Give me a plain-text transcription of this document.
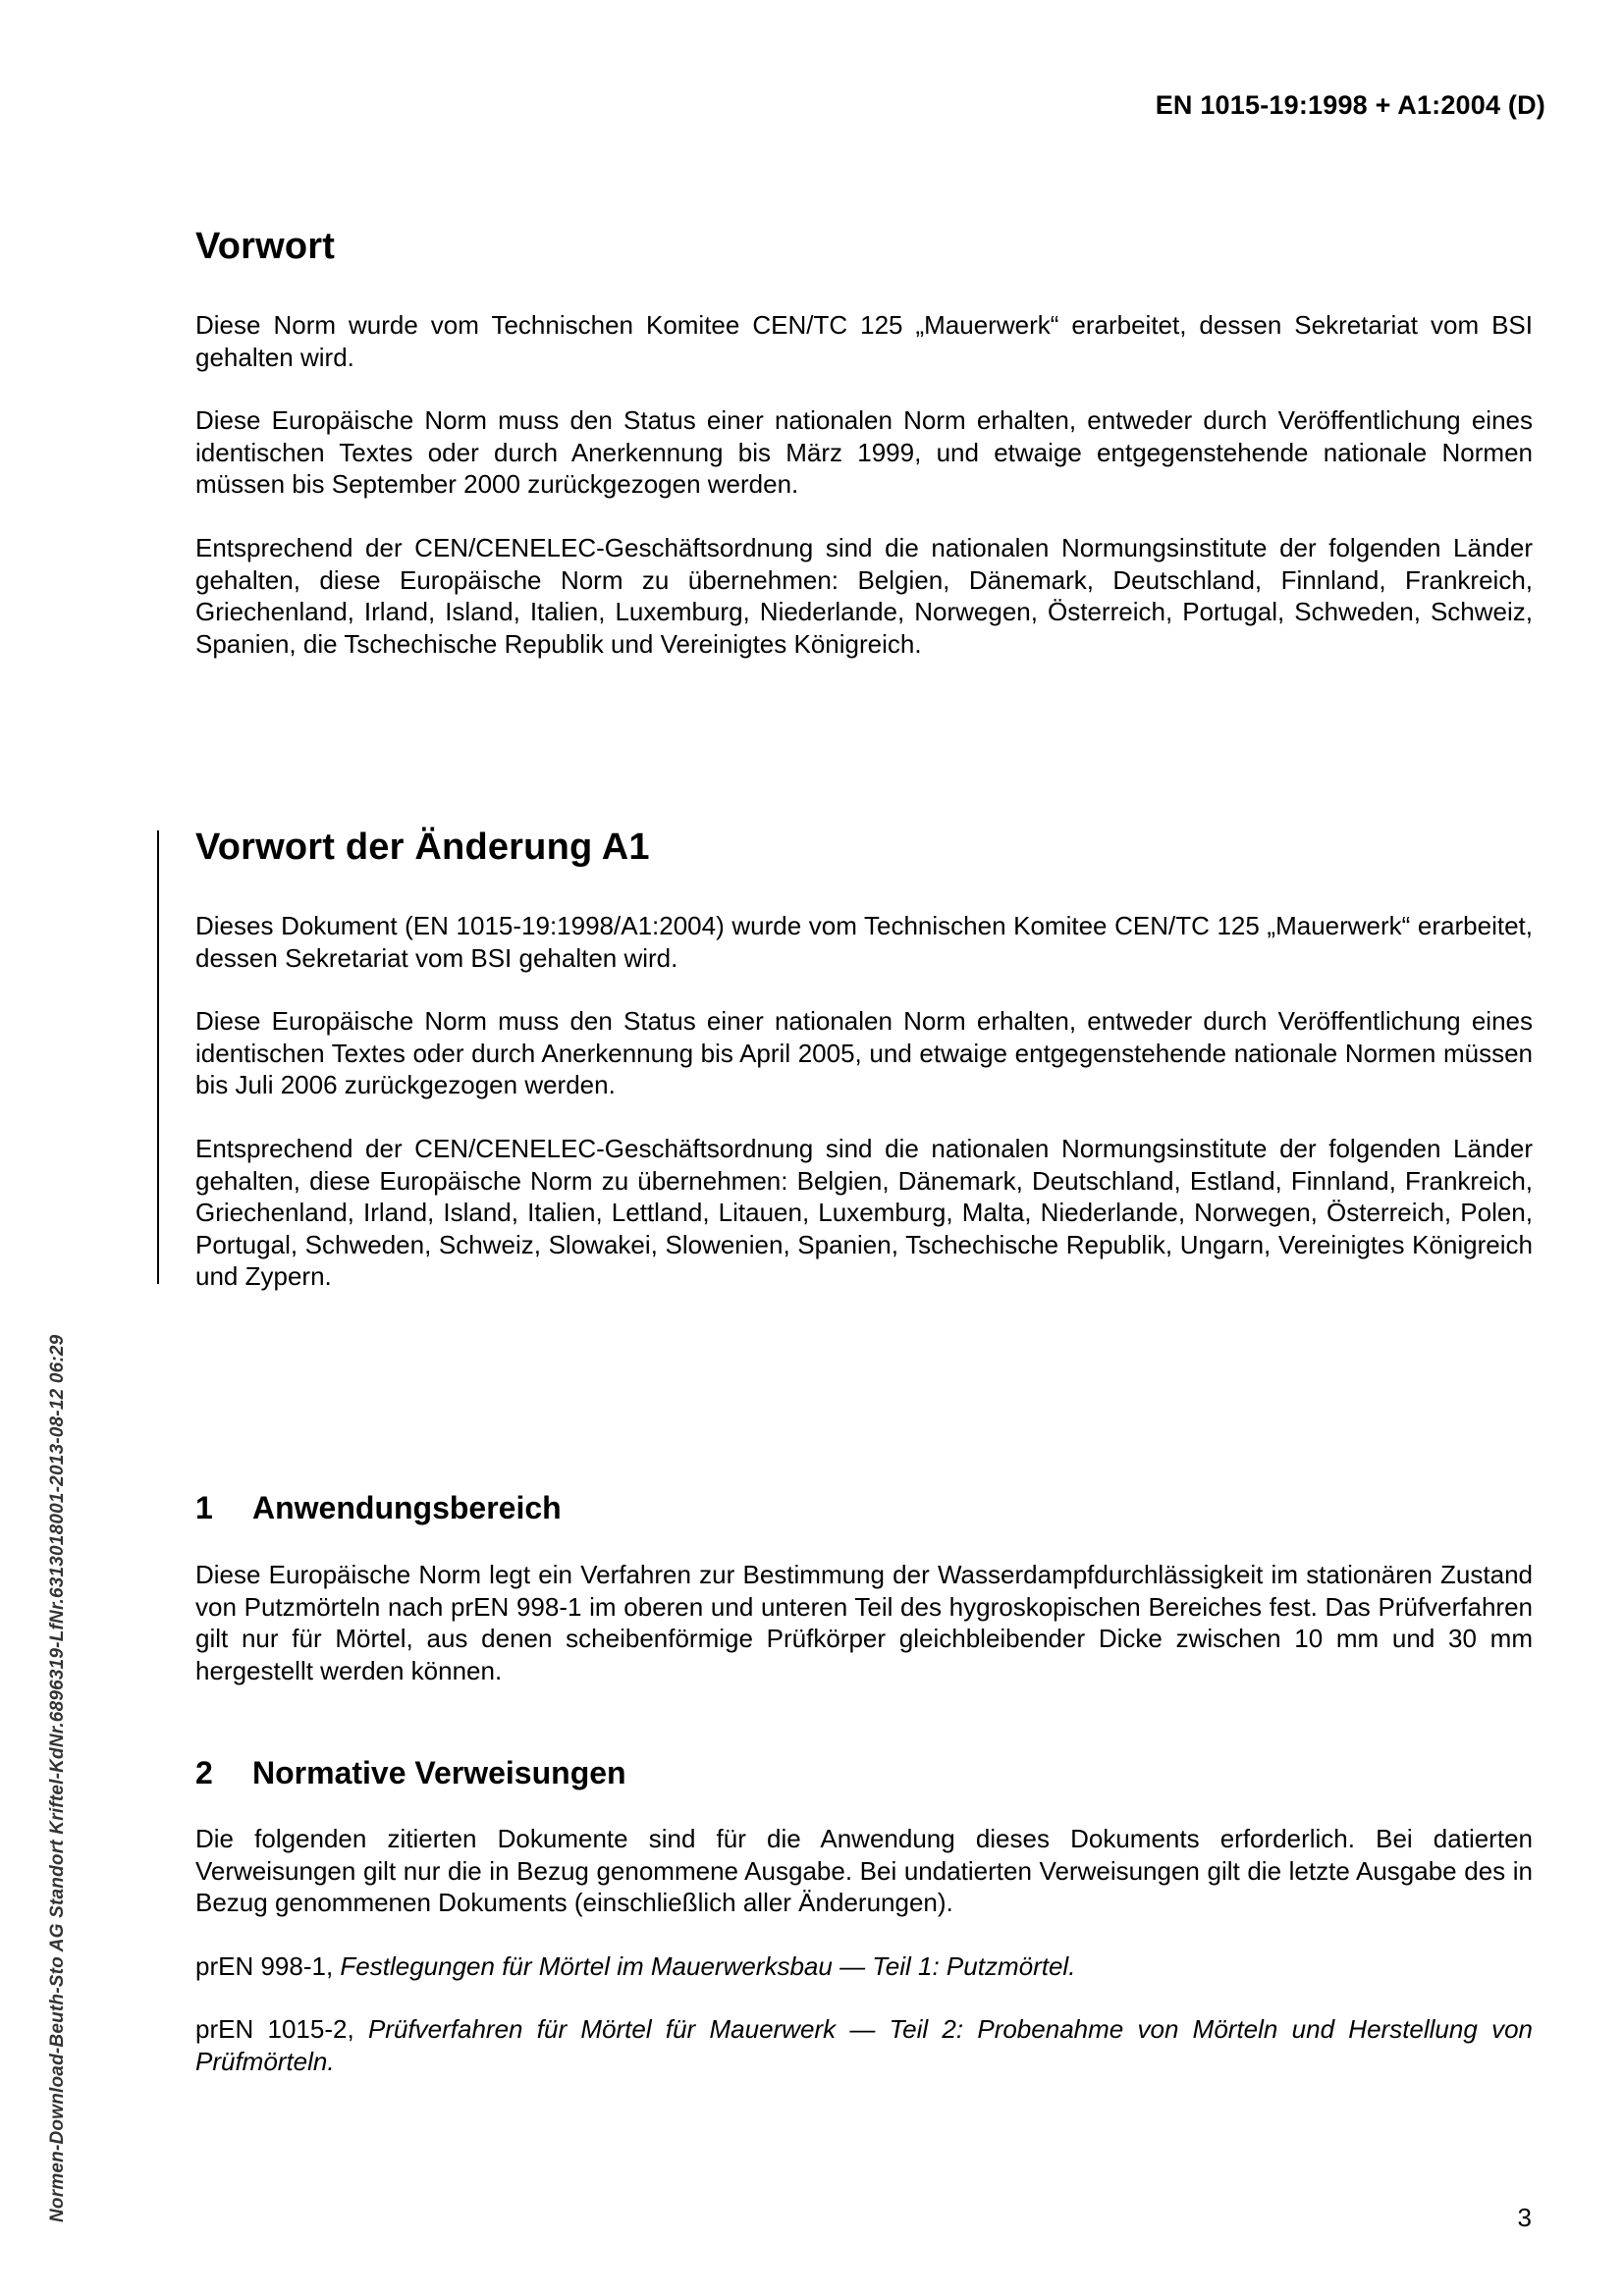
EN 1015-19:1998 + A1:2004 (D)
Vorwort

Diese Norm wurde vom Technischen Komitee CEN/TC 125 „Mauerwerk“ erarbeitet, dessen Sekretariat vom BSI gehalten wird.

Diese Europäische Norm muss den Status einer nationalen Norm erhalten, entweder durch Veröffentlichung eines identischen Textes oder durch Anerkennung bis März 1999, und etwaige entgegenstehende nationale Normen müssen bis September 2000 zurückgezogen werden.

Entsprechend der CEN/CENELEC-Geschäftsordnung sind die nationalen Normungsinstitute der folgenden Länder gehalten, diese Europäische Norm zu übernehmen: Belgien, Dänemark, Deutschland, Finnland, Frankreich, Griechenland, Irland, Island, Italien, Luxemburg, Niederlande, Norwegen, Österreich, Portugal, Schweden, Schweiz, Spanien, die Tschechische Republik und Vereinigtes Königreich.

Vorwort der Änderung A1

Dieses Dokument (EN 1015-19:1998/A1:2004) wurde vom Technischen Komitee CEN/TC 125 „Mauerwerk“ erarbeitet, dessen Sekretariat vom BSI gehalten wird.

Diese Europäische Norm muss den Status einer nationalen Norm erhalten, entweder durch Veröffentlichung eines identischen Textes oder durch Anerkennung bis April 2005, und etwaige entgegenstehende nationale Normen müssen bis Juli 2006 zurückgezogen werden.

Entsprechend der CEN/CENELEC-Geschäftsordnung sind die nationalen Normungsinstitute der folgenden Länder gehalten, diese Europäische Norm zu übernehmen: Belgien, Dänemark, Deutschland, Estland, Finnland, Frankreich, Griechenland, Irland, Island, Italien, Lettland, Litauen, Luxemburg, Malta, Niederlande, Norwegen, Österreich, Polen, Portugal, Schweden, Schweiz, Slowakei, Slowenien, Spanien, Tschechische Republik, Ungarn, Vereinigtes Königreich und Zypern.

1 Anwendungsbereich

Diese Europäische Norm legt ein Verfahren zur Bestimmung der Wasserdampfdurchlässigkeit im stationären Zustand von Putzmörteln nach prEN 998-1 im oberen und unteren Teil des hygroskopischen Bereiches fest. Das Prüfverfahren gilt nur für Mörtel, aus denen scheibenförmige Prüfkörper gleichbleibender Dicke zwischen 10 mm und 30 mm hergestellt werden können.

2 Normative Verweisungen

Die folgenden zitierten Dokumente sind für die Anwendung dieses Dokuments erforderlich. Bei datierten Verweisungen gilt nur die in Bezug genommene Ausgabe. Bei undatierten Verweisungen gilt die letzte Ausgabe des in Bezug genommenen Dokuments (einschließlich aller Änderungen).

prEN 998-1, Festlegungen für Mörtel im Mauerwerksbau — Teil 1: Putzmörtel.

prEN 1015-2, Prüfverfahren für Mörtel für Mauerwerk — Teil 2: Probenahme von Mörteln und Herstellung von Prüfmörteln.

Normen-Download-Beuth-Sto AG Standort Kriftel-KdNr.6896319-LfNr.6313018001-2013-08-12 06:29	3
